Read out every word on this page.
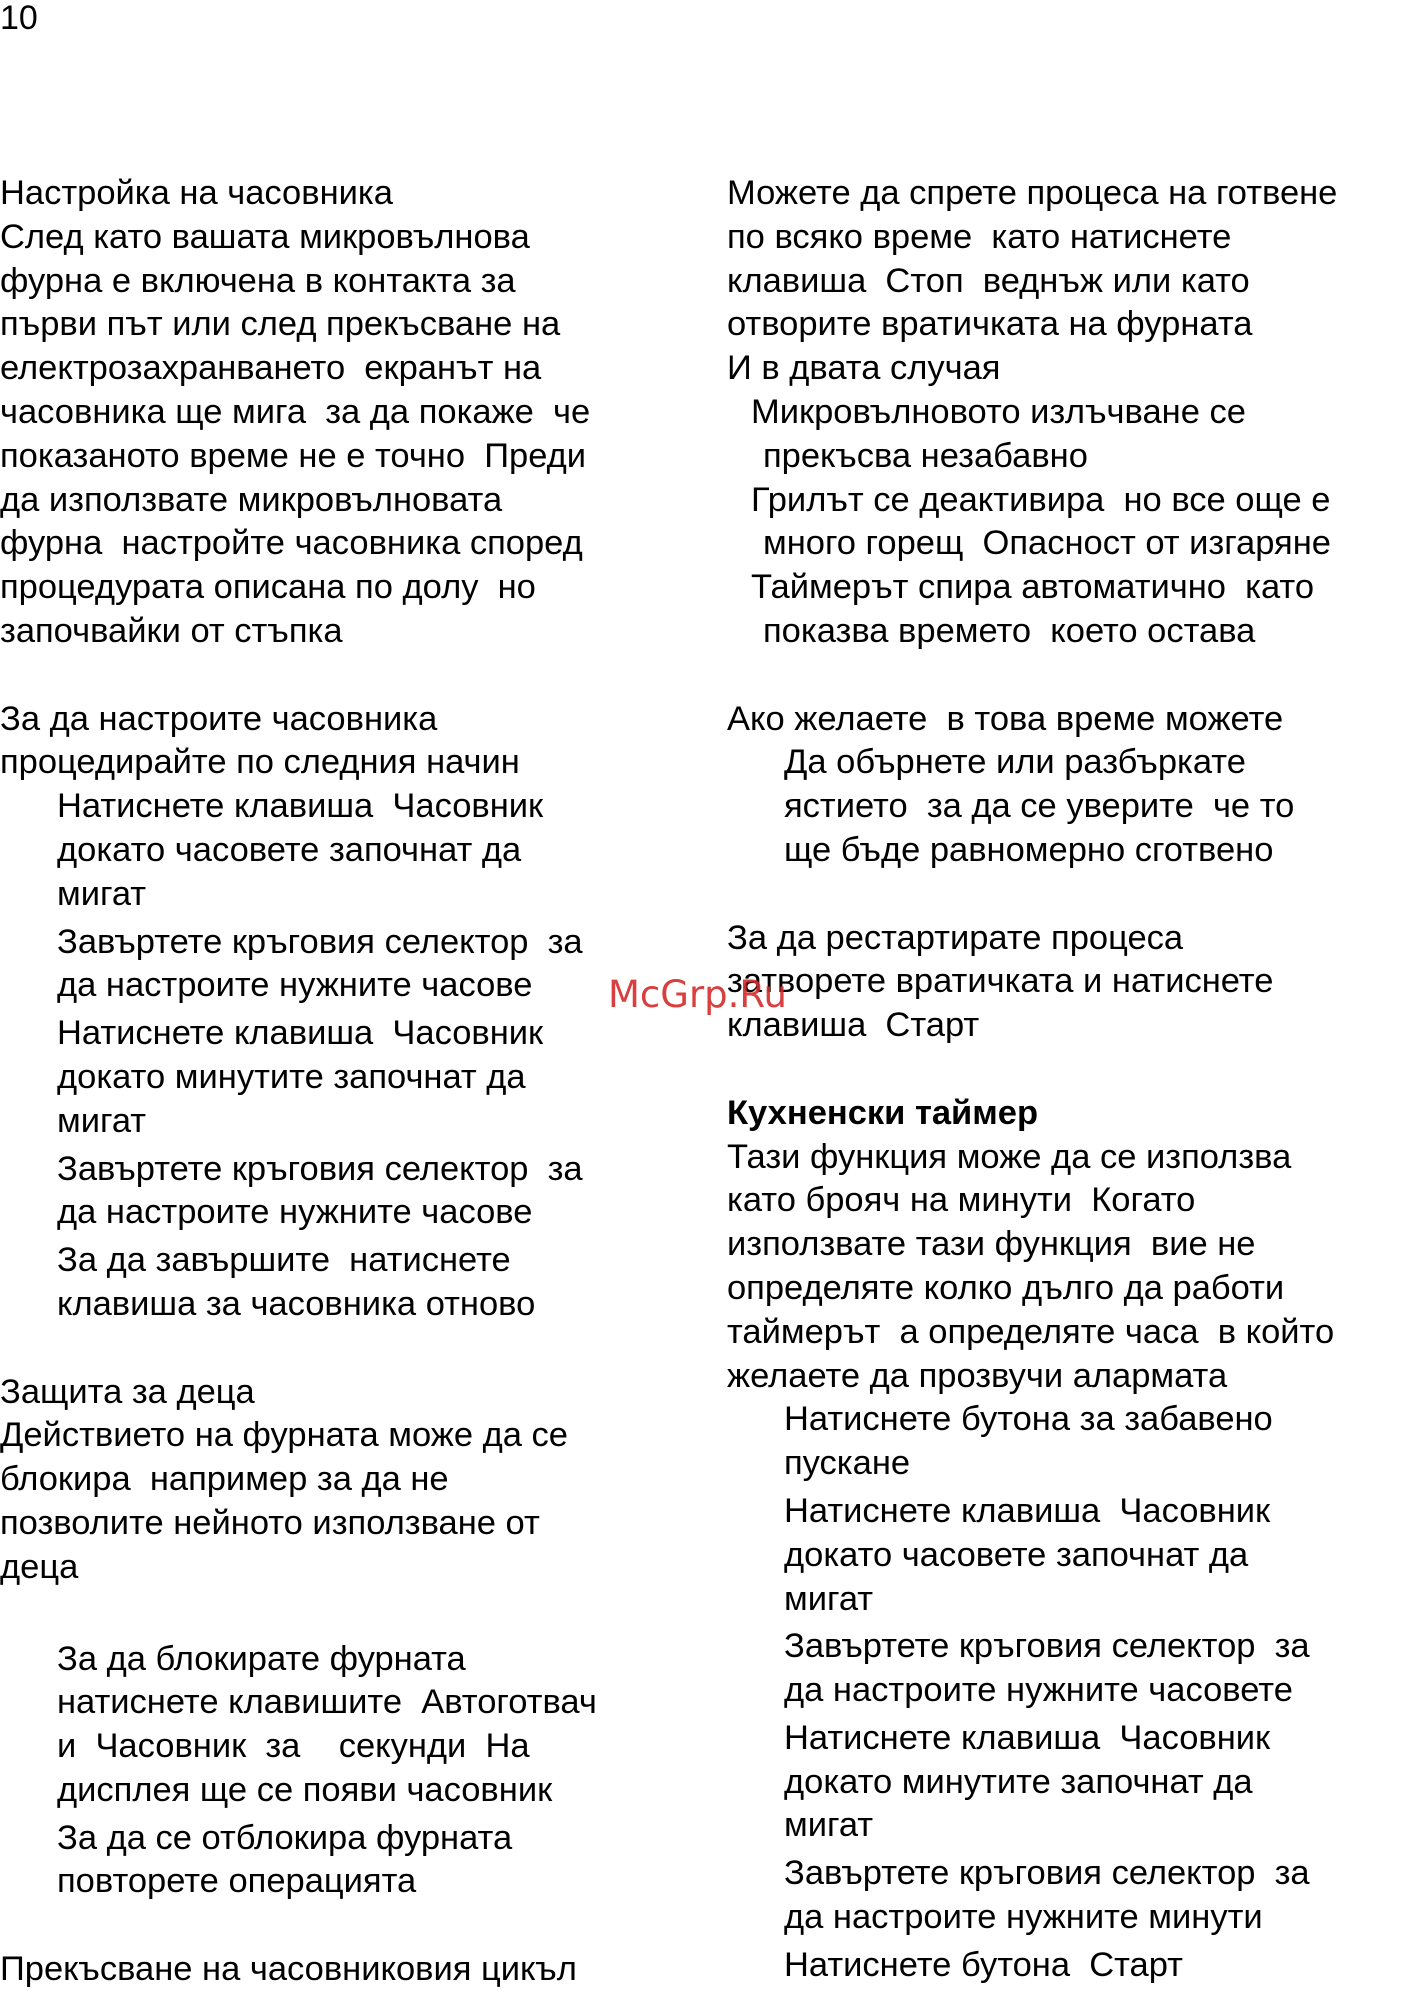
10
Настройка на часовника
След като вашата микровълнова
фурна е включена в контакта за
първи път или след прекъсване на
електрозахранването  екранът на
часовника ще мига  за да покаже  че
показаното време не е точно  Преди
да използвате микровълновата
фурна  настройте часовника според
процедурата описана по долу  но
започвайки от стъпка
За да настроите часовника
процедирайте по следния начин
Натиснете клавиша  Часовник
докато часовете започнат да
мигат
Завъртете кръговия селектор  за
да настроите нужните часове
Натиснете клавиша  Часовник
докато минутите започнат да
мигат
Завъртете кръговия селектор  за
да настроите нужните часове
За да завършите  натиснете
клавиша за часовника отново
Защита за деца
Действието на фурната може да се
блокира  например за да не
позволите нейното използване от
деца
За да блокирате фурната
натиснете клавишите  Автоготвач
и  Часовник  за    секунди  На
дисплея ще се появи часовник
За да се отблокира фурната
повторете операцията
Прекъсване на часовниковия цикъл
Можете да спрете процеса на готвене
по всяко време  като натиснете
клавиша  Стоп  веднъж или като
отворите вратичката на фурната
И в двата случая
Микровълновото излъчване се
прекъсва незабавно
Грилът се деактивира  но все още е
много горещ  Опасност от изгаряне
Таймерът спира автоматично  като
показва времето  което остава
Ако желаете  в това време можете
Да обърнете или разбъркате
ястието  за да се уверите  че то
ще бъде равномерно сготвено
За да рестартирате процеса
затворете вратичката и натиснете
клавиша  Старт
Кухненски таймер
Тази функция може да се използва
като брояч на минути  Когато
използвате тази функция  вие не
определяте колко дълго да работи
таймерът  а определяте часа  в който
желаете да прозвучи алармата
Натиснете бутона за забавено
пускане
Натиснете клавиша  Часовник
докато часовете започнат да
мигат
Завъртете кръговия селектор  за
да настроите нужните часовете
Натиснете клавиша  Часовник
докато минутите започнат да
мигат
Завъртете кръговия селектор  за
да настроите нужните минути
Натиснете бутона  Старт
McGrp.Ru
